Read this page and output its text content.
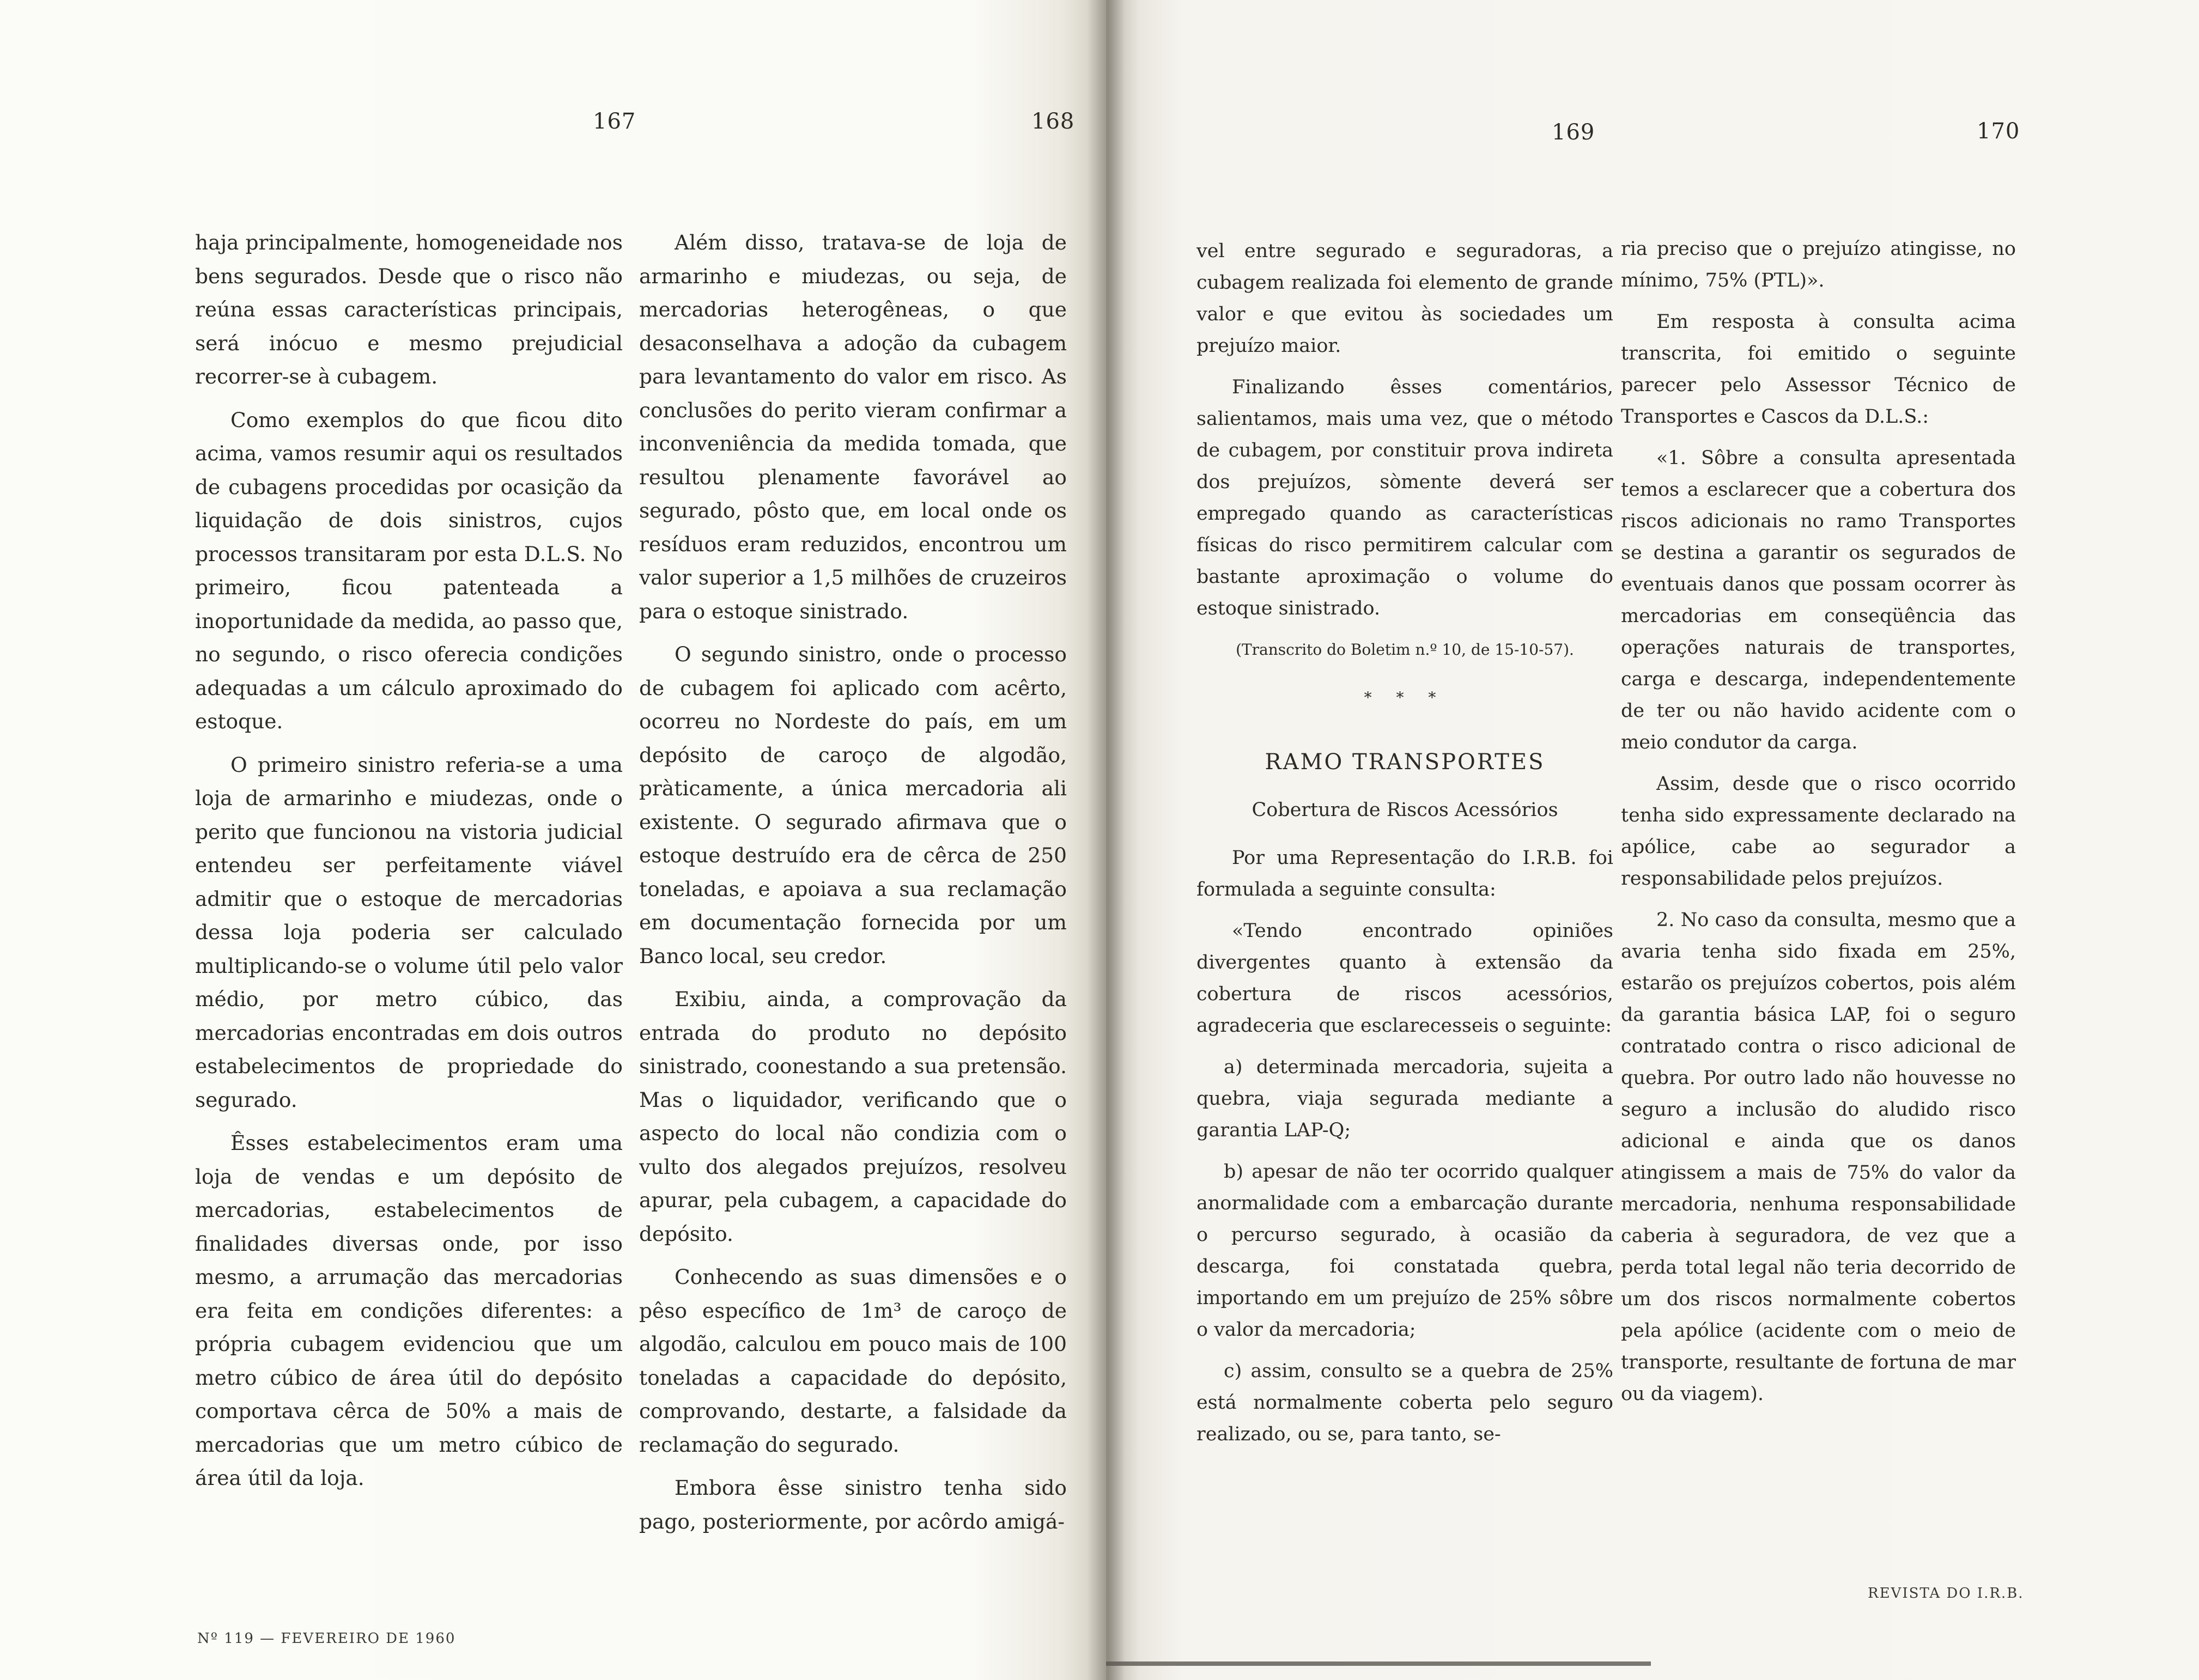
167	168	169	170

haja principalmente, homogeneidade nos bens segurados. Desde que o risco não reúna essas características principais, será inócuo e mesmo prejudicial recorrer-se à cubagem.

Como exemplos do que ficou dito acima, vamos resumir aqui os resultados de cubagens procedidas por ocasição da liquidação de dois sinistros, cujos processos transitaram por esta D.L.S. No primeiro, ficou patenteada a inoportunidade da medida, ao passo que, no segundo, o risco oferecia condições adequadas a um cálculo aproximado do estoque.

O primeiro sinistro referia-se a uma loja de armarinho e miudezas, onde o perito que funcionou na vistoria judicial entendeu ser perfeitamente viável admitir que o estoque de mercadorias dessa loja poderia ser calculado multiplicando-se o volume útil pelo valor médio, por metro cúbico, das mercadorias encontradas em dois outros estabelecimentos de propriedade do segurado.

Êsses estabelecimentos eram uma loja de vendas e um depósito de mercadorias, estabelecimentos de finalidades diversas onde, por isso mesmo, a arrumação das mercadorias era feita em condições diferentes: a própria cubagem evidenciou que um metro cúbico de área útil do depósito comportava cêrca de 50% a mais de mercadorias que um metro cúbico de área útil da loja.

Além disso, tratava-se de loja de armarinho e miudezas, ou seja, de mercadorias heterogêneas, o que desaconselhava a adoção da cubagem para levantamento do valor em risco. As conclusões do perito vieram confirmar a inconveniência da medida tomada, que resultou plenamente favorável ao segurado, pôsto que, em local onde os resíduos eram reduzidos, encontrou um valor superior a 1,5 milhões de cruzeiros para o estoque sinistrado.

O segundo sinistro, onde o processo de cubagem foi aplicado com acêrto, ocorreu no Nordeste do país, em um depósito de caroço de algodão, pràticamente, a única mercadoria ali existente. O segurado afirmava que o estoque destruído era de cêrca de 250 toneladas, e apoiava a sua reclamação em documentação fornecida por um Banco local, seu credor.

Exibiu, ainda, a comprovação da entrada do produto no depósito sinistrado, coonestando a sua pretensão. Mas o liquidador, verificando que o aspecto do local não condizia com o vulto dos alegados prejuízos, resolveu apurar, pela cubagem, a capacidade do depósito.

Conhecendo as suas dimensões e o pêso específico de 1m³ de caroço de algodão, calculou em pouco mais de 100 toneladas a capacidade do depósito, comprovando, destarte, a falsidade da reclamação do segurado.

Embora êsse sinistro tenha sido pago, posteriormente, por acôrdo amigá-

vel entre segurado e seguradoras, a cubagem realizada foi elemento de grande valor e que evitou às sociedades um prejuízo maior.

Finalizando êsses comentários, salientamos, mais uma vez, que o método de cubagem, por constituir prova indireta dos prejuízos, sòmente deverá ser empregado quando as características físicas do risco permitirem calcular com bastante aproximação o volume do estoque sinistrado.

(Transcrito do Boletim n.º 10, de 15-10-57).

* * *

RAMO TRANSPORTES

Cobertura de Riscos Acessórios

Por uma Representação do I.R.B. foi formulada a seguinte consulta:

«Tendo encontrado opiniões divergentes quanto à extensão da cobertura de riscos acessórios, agradeceria que esclarecesseis o seguinte:

a) determinada mercadoria, sujeita a quebra, viaja segurada mediante a garantia LAP-Q;

b) apesar de não ter ocorrido qualquer anormalidade com a embarcação durante o percurso segurado, à ocasião da descarga, foi constatada quebra, importando em um prejuízo de 25% sôbre o valor da mercadoria;

c) assim, consulto se a quebra de 25% está normalmente coberta pelo seguro realizado, ou se, para tanto, se-

ria preciso que o prejuízo atingisse, no mínimo, 75% (PTL)».

Em resposta à consulta acima transcrita, foi emitido o seguinte parecer pelo Assessor Técnico de Transportes e Cascos da D.L.S.:

«1. Sôbre a consulta apresentada temos a esclarecer que a cobertura dos riscos adicionais no ramo Transportes se destina a garantir os segurados de eventuais danos que possam ocorrer às mercadorias em conseqüência das operações naturais de transportes, carga e descarga, independentemente de ter ou não havido acidente com o meio condutor da carga.

Assim, desde que o risco ocorrido tenha sido expressamente declarado na apólice, cabe ao segurador a responsabilidade pelos prejuízos.

2. No caso da consulta, mesmo que a avaria tenha sido fixada em 25%, estarão os prejuízos cobertos, pois além da garantia básica LAP, foi o seguro contratado contra o risco adicional de quebra. Por outro lado não houvesse no seguro a inclusão do aludido risco adicional e ainda que os danos atingissem a mais de 75% do valor da mercadoria, nenhuma responsabilidade caberia à seguradora, de vez que a perda total legal não teria decorrido de um dos riscos normalmente cobertos pela apólice (acidente com o meio de transporte, resultante de fortuna de mar ou da viagem).

Nº 119 — FEVEREIRO DE 1960
REVISTA DO I.R.B.
